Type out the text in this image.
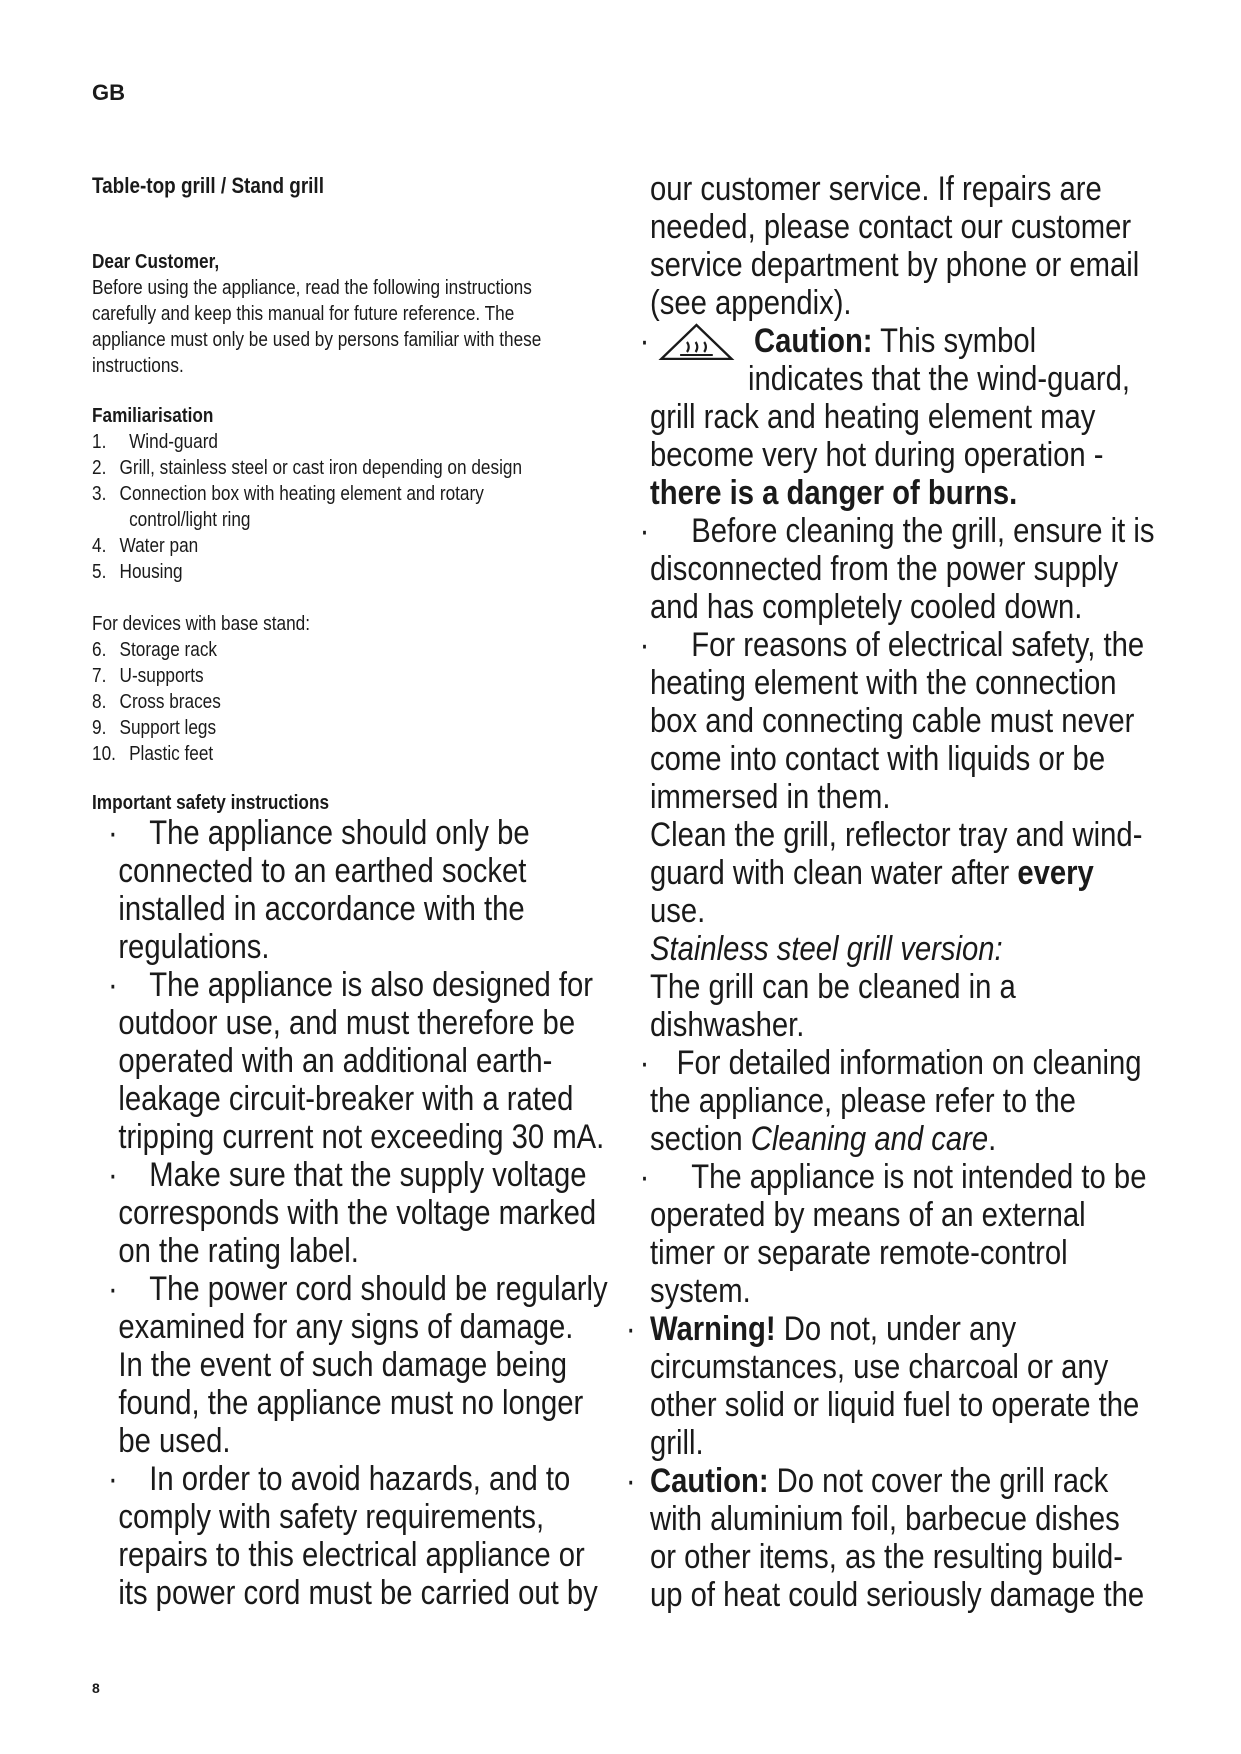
GB
Table-top grill / Stand grill
Dear Customer,
Before using the appliance, read the following instructions
carefully and keep this manual for future reference. The
appliance must only be used by persons familiar with these
instructions.
Familiarisation
1.  Wind-guard
2. Grill, stainless steel or cast iron depending on design
3. Connection box with heating element and rotary
control/light ring
4. Water pan
5. Housing
For devices with base stand:
6. Storage rack
7. U-supports
8. Cross braces
9. Support legs
10.  Plastic feet
Important safety instructions
· The appliance should only be
connected to an earthed socket
installed in accordance with the
regulations.
· The appliance is also designed for
outdoor use, and must therefore be
operated with an additional earth-
leakage circuit-breaker with a rated
tripping current not exceeding 30 mA.
· Make sure that the supply voltage
corresponds with the voltage marked
on the rating label.
· The power cord should be regularly
examined for any signs of damage.
In the event of such damage being
found, the appliance must no longer
be used.
· In order to avoid hazards, and to
comply with safety requirements,
repairs to this electrical appliance or
its power cord must be carried out by
our customer service. If repairs are
needed, please contact our customer
service department by phone or email
(see appendix).
·	Caution: This symbol
indicates that the wind-guard,
grill rack and heating element may
become very hot during operation -
there is a danger of burns.
· Before cleaning the grill, ensure it is
disconnected from the power supply
and has completely cooled down.
· For reasons of electrical safety, the
heating element with the connection
box and connecting cable must never
come into contact with liquids or be
immersed in them.
Clean the grill, reflector tray and wind-
guard with clean water after every
use.
Stainless steel grill version:
The grill can be cleaned in a
dishwasher.
· For detailed information on cleaning
the appliance, please refer to the
section Cleaning and care.
· The appliance is not intended to be
operated by means of an external
timer or separate remote-control
system.
· Warning! Do not, under any
circumstances, use charcoal or any
other solid or liquid fuel to operate the
grill.
· Caution: Do not cover the grill rack
with aluminium foil, barbecue dishes
or other items, as the resulting build-
up of heat could seriously damage the
8
